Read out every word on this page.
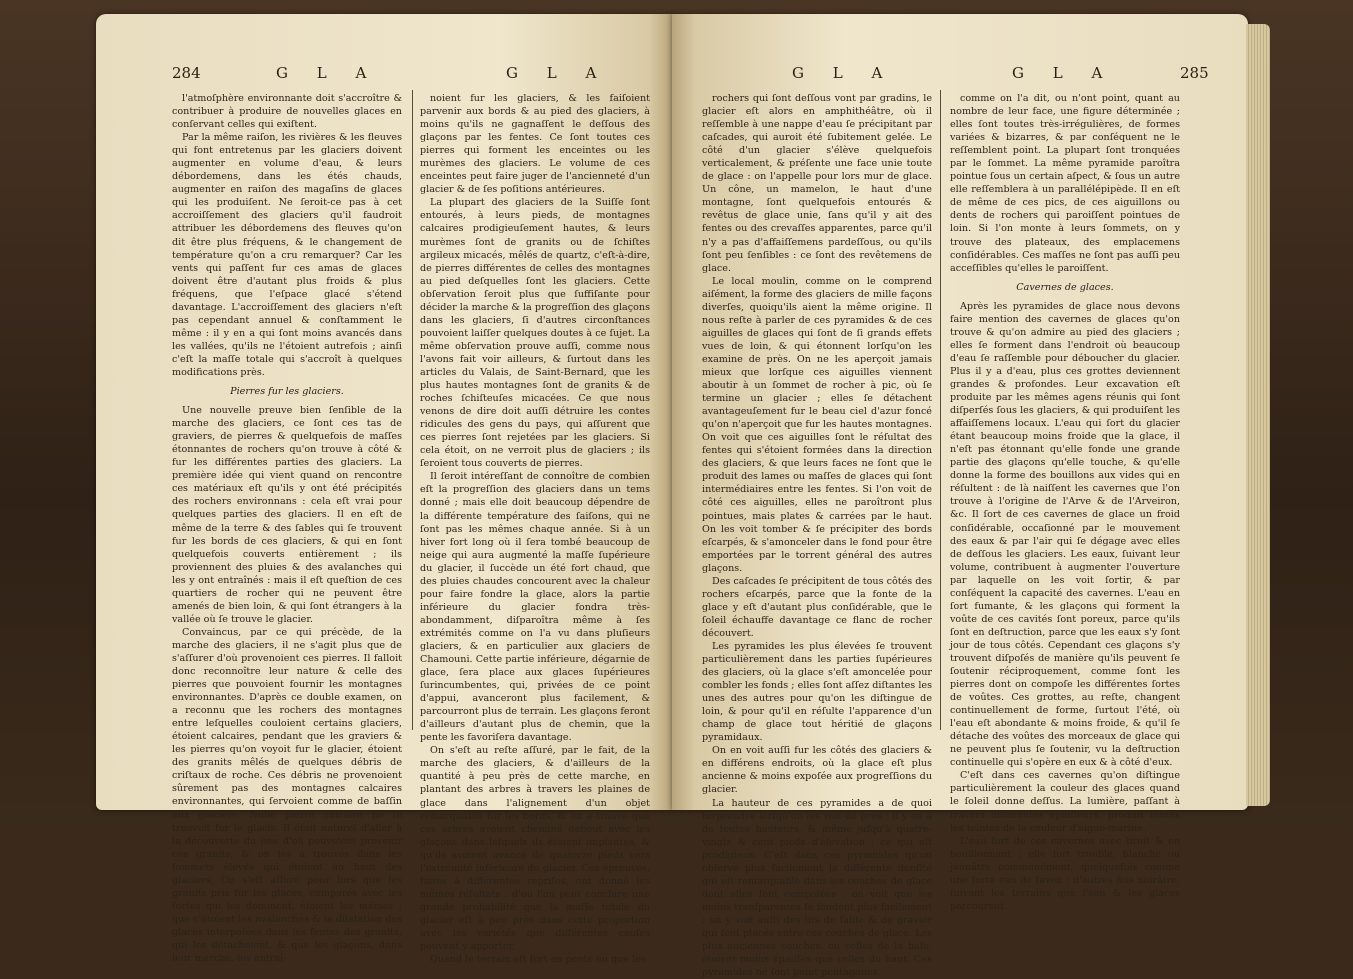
284	G L A	G L A

l'atmoſphère environnante doit s'accroître & contribuer à produire de nouvelles glaces en conſervant celles qui exiſtent.

Par la même raiſon, les rivières & les fleuves qui font entretenus par les glaciers doivent augmenter en volume d'eau, & leurs débordemens, dans les étés chauds, augmenter en raiſon des magaſins de glaces qui les produiſent. Ne ſeroit-ce pas à cet accroiſſement des glaciers qu'il faudroit attribuer les débordemens des fleuves qu'on dit être plus fréquens, & le changement de température qu'on a cru remarquer? Car les vents qui paſſent fur ces amas de glaces doivent être d'autant plus froids & plus fréquens, que l'eſpace glacé s'étend davantage. L'accroiſſement des glaciers n'eſt pas cependant annuel & conſtamment le même : il y en a qui ſont moins avancés dans les vallées, qu'ils ne l'étoient autrefois ; ainſi c'eſt la maſſe totale qui s'accroît à quelques modifications près.

Pierres fur les glaciers.

Une nouvelle preuve bien ſenſible de la marche des glaciers, ce ſont ces tas de graviers, de pierres & quelquefois de maſſes étonnantes de rochers qu'on trouve à côté & fur les différentes parties des glaciers. La première idée qui vient quand on rencontre ces matériaux eſt qu'ils y ont été précipités des rochers environnans : cela eſt vrai pour quelques parties des glaciers. Il en eſt de même de la terre & des ſables qui ſe trouvent fur les bords de ces glaciers, & qui en ſont quelquefois couverts entièrement ; ils proviennent des pluies & des avalanches qui les y ont entraînés : mais il eſt queſtion de ces quartiers de rocher qui ne peuvent être amenés de bien loin, & qui ſont étrangers à la vallée où ſe trouve le glacier.

Convaincus, par ce qui précède, de la marche des glaciers, il ne s'agit plus que de s'aſſurer d'où provenoient ces pierres. Il falloit donc reconnoître leur nature & celle des pierres que pouvoient fournir les montagnes environnantes. D'après ce double examen, on a reconnu que les rochers des montagnes entre leſquelles couloient certains glaciers, étoient calcaires, pendant que les graviers & les pierres qu'on voyoit fur le glacier, étoient des granits mêlés de quelques débris de criſtaux de roche. Ces débris ne provenoient sûrement pas des montagnes calcaires environnantes, qui ſervoient comme de baſſin aux glaciers. Nulle pierre calcaire ne ſe trouvoit fur le glacis. Il étoit naturel d'aller à la découverte du lieu d'où pouvoient provenir ces granits, & on les a trouvés dans les ſommets élevés qui étoient au haut des glaciers. On s'eſt aſſuré pour lors que les granits pris fur les glaces, comparés avec les ſortes qui les dominent, étoient les mêmes ; que c'étoient les avalanches & la dilatation des glaces interpoſées dans les fentes des granits, qui les détachoient, & que les glaçons, dans leur marche, les entraî-

noient fur les glaciers, & les faiſoient parvenir aux bords & au pied des glaciers, à moins qu'ils ne gagnaſſent le deſſous des glaçons par les fentes. Ce ſont toutes ces pierres qui forment les enceintes ou les murèmes des glaciers. Le volume de ces enceintes peut faire juger de l'ancienneté d'un glacier & de ſes poſitions antérieures.

La plupart des glaciers de la Suiſſe ſont entourés, à leurs pieds, de montagnes calcaires prodigieuſement hautes, & leurs murèmes ſont de granits ou de ſchiſtes argileux micacés, mêlés de quartz, c'eſt-à-dire, de pierres différentes de celles des montagnes au pied deſquelles ſont les glaciers. Cette obſervation ſeroit plus que ſuffiſante pour décider la marche & la progreſſion des glaçons dans les glaciers, ſi d'autres circonſtances pouvoient laiſſer quelques doutes à ce ſujet. La même obſervation prouve auſſi, comme nous l'avons fait voir ailleurs, & ſurtout dans les articles du Valais, de Saint-Bernard, que les plus hautes montagnes ſont de granits & de roches ſchiſteuſes micacées. Ce que nous venons de dire doit auſſi détruire les contes ridicules des gens du pays, qui aſſurent que ces pierres ſont rejetées par les glaciers. Si cela étoit, on ne verroit plus de glaciers ; ils ſeroient tous couverts de pierres.

Il ſeroit intéreſſant de connoître de combien eſt la progreſſion des glaciers dans un tems donné ; mais elle doit beaucoup dépendre de la différente température des ſaiſons, qui ne ſont pas les mêmes chaque année. Si à un hiver fort long où il ſera tombé beaucoup de neige qui aura augmenté la maſſe ſupérieure du glacier, il ſuccède un été fort chaud, que des pluies chaudes concourent avec la chaleur pour faire fondre la glace, alors la partie inférieure du glacier fondra très-abondamment, diſparoîtra même à ſes extrémités comme on l'a vu dans pluſieurs glaciers, & en particulier aux glaciers de Chamouni. Cette partie inférieure, dégarnie de glace, ſera place aux glaces ſupérieures ſurincumbentes, qui, privées de ce point d'appui, avanceront plus facilement, & parcourront plus de terrain. Les glaçons feront d'ailleurs d'autant plus de chemin, que la pente les favoriſera davantage.

On s'eſt au reſte aſſuré, par le fait, de la marche des glaciers, & d'ailleurs de la quantité à peu près de cette marche, en plantant des arbres à travers les plaines de glace dans l'alignement d'un objet remarquable fur les bords, & on a trouvé que ces arbres avoient cheminé debout avec les glaçons dans leſquels ils étoient implantés, & qu'ils avoient avancé de quatorze pieds vers l'extrémité inférieure du glacier. Ces épreuves, faites à différentes repriſes, ont donné les mêmes réſultats : d'où l'on peut conclure une grande probabilité que la maſſe totale du glacier eſt à peu près dans cette proportion avec les variétés que différentes cauſes peuvent y apporter.

Quand le terrain eſt fort en pente ou que les

G L A	G L A	285

rochers qui ſont deſſous vont par gradins, le glacier eſt alors en amphithéâtre, où il reſſemble à une nappe d'eau ſe précipitant par caſcades, qui auroit été ſubitement gelée. Le côté d'un glacier s'élève quelquefois verticalement, & préſente une face unie toute de glace : on l'appelle pour lors mur de glace. Un cône, un mamelon, le haut d'une montagne, ſont quelquefois entourés & revêtus de glace unie, ſans qu'il y ait des fentes ou des crevaſſes apparentes, parce qu'il n'y a pas d'affaiſſemens pardeſſous, ou qu'ils ſont peu ſenſibles : ce ſont des revêtemens de glace.

Le local moulin, comme on le comprend aiſément, la forme des glaciers de mille façons diverſes, quoiqu'ils aient la même origine. Il nous reſte à parler de ces pyramides & de ces aiguilles de glaces qui ſont de ſi grands effets vues de loin, & qui étonnent lorſqu'on les examine de près. On ne les aperçoit jamais mieux que lorſque ces aiguilles viennent aboutir à un ſommet de rocher à pic, où ſe termine un glacier ; elles ſe détachent avantageuſement fur le beau ciel d'azur foncé qu'on n'aperçoit que fur les hautes montagnes. On voit que ces aiguilles ſont le réſultat des fentes qui s'étoient formées dans la direction des glaciers, & que leurs faces ne ſont que le produit des lames ou maſſes de glaces qui ſont intermédiaires entre les fentes. Si l'on voit de côté ces aiguilles, elles ne paroîtront plus pointues, mais plates & carrées par le haut. On les voit tomber & ſe précipiter des bords eſcarpés, & s'amonceler dans le fond pour être emportées par le torrent général des autres glaçons.

Des caſcades ſe précipitent de tous côtés des rochers eſcarpés, parce que la fonte de la glace y eſt d'autant plus conſidérable, que le ſoleil échauffe davantage ce flanc de rocher découvert.

Les pyramides les plus élevées ſe trouvent particulièrement dans les parties ſupérieures des glaciers, où la glace s'eſt amoncelée pour combler les fonds ; elles ſont aſſez diſtantes les unes des autres pour qu'on les diſtingue de loin, & pour qu'il en réſulte l'apparence d'un champ de glace tout héritié de glaçons pyramidaux.

On en voit auſſi fur les côtés des glaciers & en différens endroits, où la glace eſt plus ancienne & moins expoſée aux progreſſions du glacier.

La hauteur de ces pyramides a de quoi ſurprendre lorſqu'on les voit de près : il y en a de toutes hauteurs, & même juſqu'à quatre-vingts & cent pieds d'élévation ; ce qui eſt prodigieux. C'eſt dans ces pyramides qu'on obſerve plus facilement la différente denſité qui eſt remarquable dans les couches de glace dont elles ſont compoſées : on voit que les moins tranſparentes ſe fondent plus facilement ; on y voit auſſi des lits de ſable & de gravier qui ſont placés entre ces couches de glace. Les plus anciennes couches, ou celles de la baſe, étoient moins épaiſſes que celles du haut. Ces pyramides ne ſont point pentagones

comme on l'a dit, ou n'ont point, quant au nombre de leur face, une figure déterminée ; elles ſont toutes très-irrégulières, de formes variées & bizarres, & par conſéquent ne le reſſemblent point. La plupart ſont tronquées par le ſommet. La même pyramide paroîtra pointue ſous un certain aſpect, & ſous un autre elle reſſemblera à un parallélépipède. Il en eſt de même de ces pics, de ces aiguillons ou dents de rochers qui paroiſſent pointues de loin. Si l'on monte à leurs ſommets, on y trouve des plateaux, des emplacemens conſidérables. Ces maſſes ne ſont pas auſſi peu acceſſibles qu'elles le paroiſſent.

Cavernes de glaces.

Après les pyramides de glace nous devons faire mention des cavernes de glaces qu'on trouve & qu'on admire au pied des glaciers ; elles ſe forment dans l'endroit où beaucoup d'eau ſe raſſemble pour déboucher du glacier. Plus il y a d'eau, plus ces grottes deviennent grandes & profondes. Leur excavation eſt produite par les mêmes agens réunis qui ſont diſperſés ſous les glaciers, & qui produiſent les affaiſſemens locaux. L'eau qui ſort du glacier étant beaucoup moins froide que la glace, il n'eſt pas étonnant qu'elle fonde une grande partie des glaçons qu'elle touche, & qu'elle donne la forme des bouillons aux vides qui en réſultent : de là naiſſent les cavernes que l'on trouve à l'origine de l'Arve & de l'Arveiron, &c. Il ſort de ces cavernes de glace un froid conſidérable, occaſionné par le mouvement des eaux & par l'air qui ſe dégage avec elles de deſſous les glaciers. Les eaux, ſuivant leur volume, contribuent à augmenter l'ouverture par laquelle on les voit ſortir, & par conſéquent la capacité des cavernes. L'eau en ſort fumante, & les glaçons qui forment la voûte de ces cavités ſont poreux, parce qu'ils ſont en deſtruction, parce que les eaux s'y ſont jour de tous côtés. Cependant ces glaçons s'y trouvent diſpoſés de manière qu'ils peuvent ſe ſoutenir réciproquement, comme ſont les pierres dont on compoſe les différentes ſortes de voûtes. Ces grottes, au reſte, changent continuellement de forme, ſurtout l'été, où l'eau eſt abondante & moins froide, & qu'il ſe détache des voûtes des morceaux de glace qui ne peuvent plus ſe ſoutenir, vu la deſtruction continuelle qui s'opère en eux & à côté d'eux.

C'eſt dans ces cavernes qu'on diſtingue particulièrement la couleur des glaces quand le ſoleil donne deſſus. La lumière, paſſant à travers différentes épaiſſeurs, produit toutes les teintes de la couleur d'aigue-marine.

L'eau ſort de ces cavernes avec bruit & en bouillonnant ; elle ſort trouble, blanche ou jaunâtre communément, quelquefois comme une ſorte eau de ſavon ; d'autres fois noirâtre, ſuivant les terrains que l'eau & les glaces parcourent.
